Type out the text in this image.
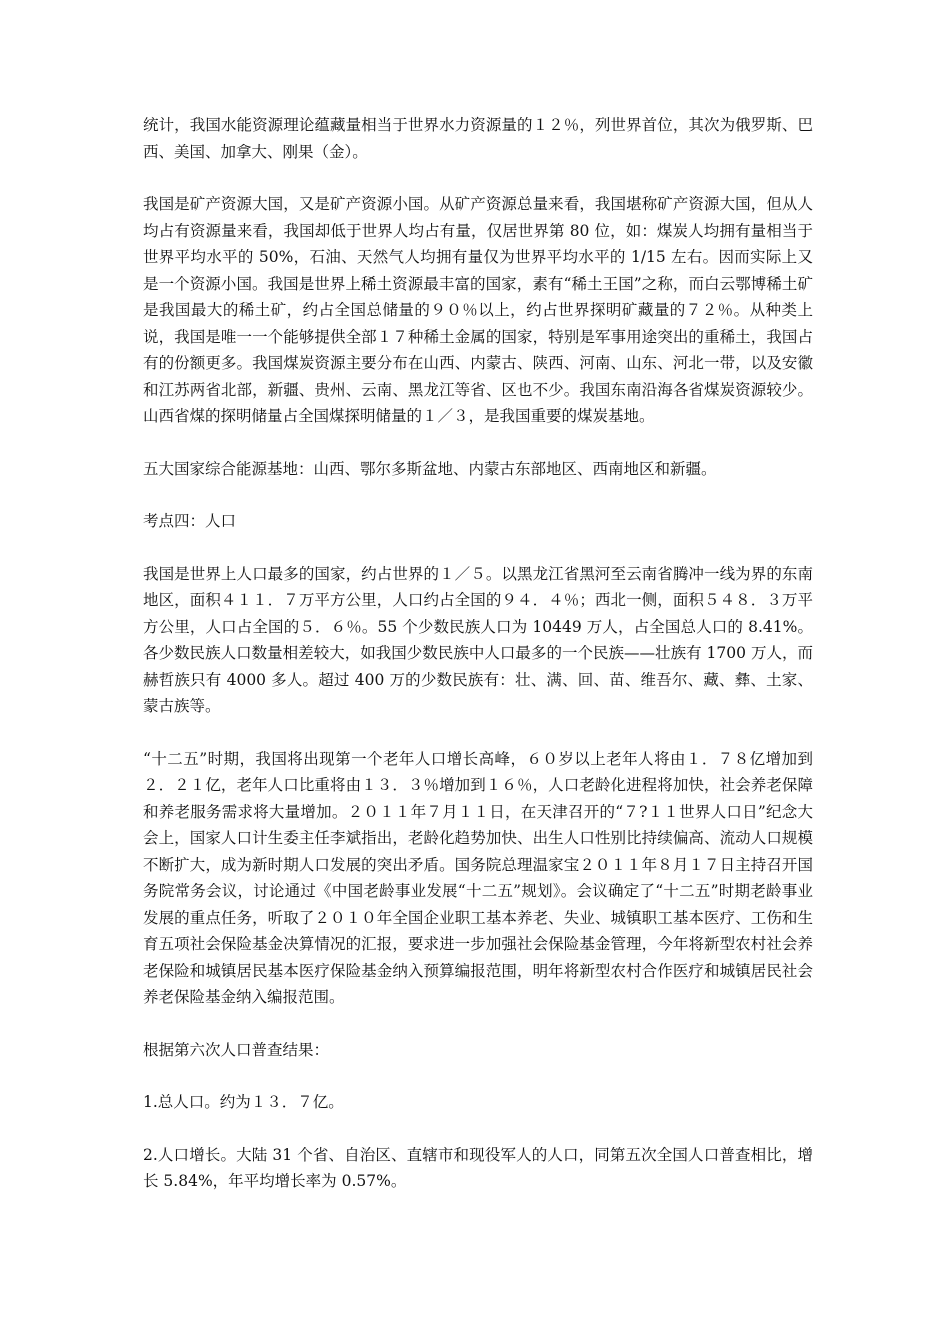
统计，我国水能资源理论蕴藏量相当于世界水力资源量的１２％，列世界首位，其次为俄罗斯、巴西、美国、加拿大、刚果（金）。

我国是矿产资源大国，又是矿产资源小国。从矿产资源总量来看，我国堪称矿产资源大国，但从人均占有资源量来看，我国却低于世界人均占有量，仅居世界第 80 位，如：煤炭人均拥有量相当于世界平均水平的 50%，石油、天然气人均拥有量仅为世界平均水平的 1/15 左右。因而实际上又是一个资源小国。我国是世界上稀土资源最丰富的国家，素有“稀土王国”之称，而白云鄂博稀土矿是我国最大的稀土矿，约占全国总储量的９０％以上，约占世界探明矿藏量的７２％。从种类上说，我国是唯一一个能够提供全部１７种稀土金属的国家，特别是军事用途突出的重稀土，我国占有的份额更多。我国煤炭资源主要分布在山西、内蒙古、陕西、河南、山东、河北一带，以及安徽和江苏两省北部，新疆、贵州、云南、黑龙江等省、区也不少。我国东南沿海各省煤炭资源较少。山西省煤的探明储量占全国煤探明储量的１／３，是我国重要的煤炭基地。

五大国家综合能源基地：山西、鄂尔多斯盆地、内蒙古东部地区、西南地区和新疆。

考点四：人口

我国是世界上人口最多的国家，约占世界的１／５。以黑龙江省黑河至云南省腾冲一线为界的东南地区，面积４１１．７万平方公里，人口约占全国的９４．４％；西北一侧，面积５４８．３万平方公里，人口占全国的５．６％。55 个少数民族人口为 10449 万人，占全国总人口的 8.41%。各少数民族人口数量相差较大，如我国少数民族中人口最多的一个民族——壮族有 1700 万人，而赫哲族只有 4000 多人。超过 400 万的少数民族有：壮、满、回、苗、维吾尔、藏、彝、土家、蒙古族等。

“十二五”时期，我国将出现第一个老年人口增长高峰，６０岁以上老年人将由１．７８亿增加到２．２１亿，老年人口比重将由１３．３％增加到１６％，人口老龄化进程将加快，社会养老保障和养老服务需求将大量增加。２０１１年７月１１日，在天津召开的“７?１１世界人口日”纪念大会上，国家人口计生委主任李斌指出，老龄化趋势加快、出生人口性别比持续偏高、流动人口规模不断扩大，成为新时期人口发展的突出矛盾。国务院总理温家宝２０１１年８月１７日主持召开国务院常务会议，讨论通过《中国老龄事业发展“十二五”规划》。会议确定了“十二五”时期老龄事业发展的重点任务，听取了２０１０年全国企业职工基本养老、失业、城镇职工基本医疗、工伤和生育五项社会保险基金决算情况的汇报，要求进一步加强社会保险基金管理，今年将新型农村社会养老保险和城镇居民基本医疗保险基金纳入预算编报范围，明年将新型农村合作医疗和城镇居民社会养老保险基金纳入编报范围。

根据第六次人口普查结果：

1.总人口。约为１３．７亿。

2.人口增长。大陆 31 个省、自治区、直辖市和现役军人的人口，同第五次全国人口普查相比，增长 5.84%，年平均增长率为 0.57%。
